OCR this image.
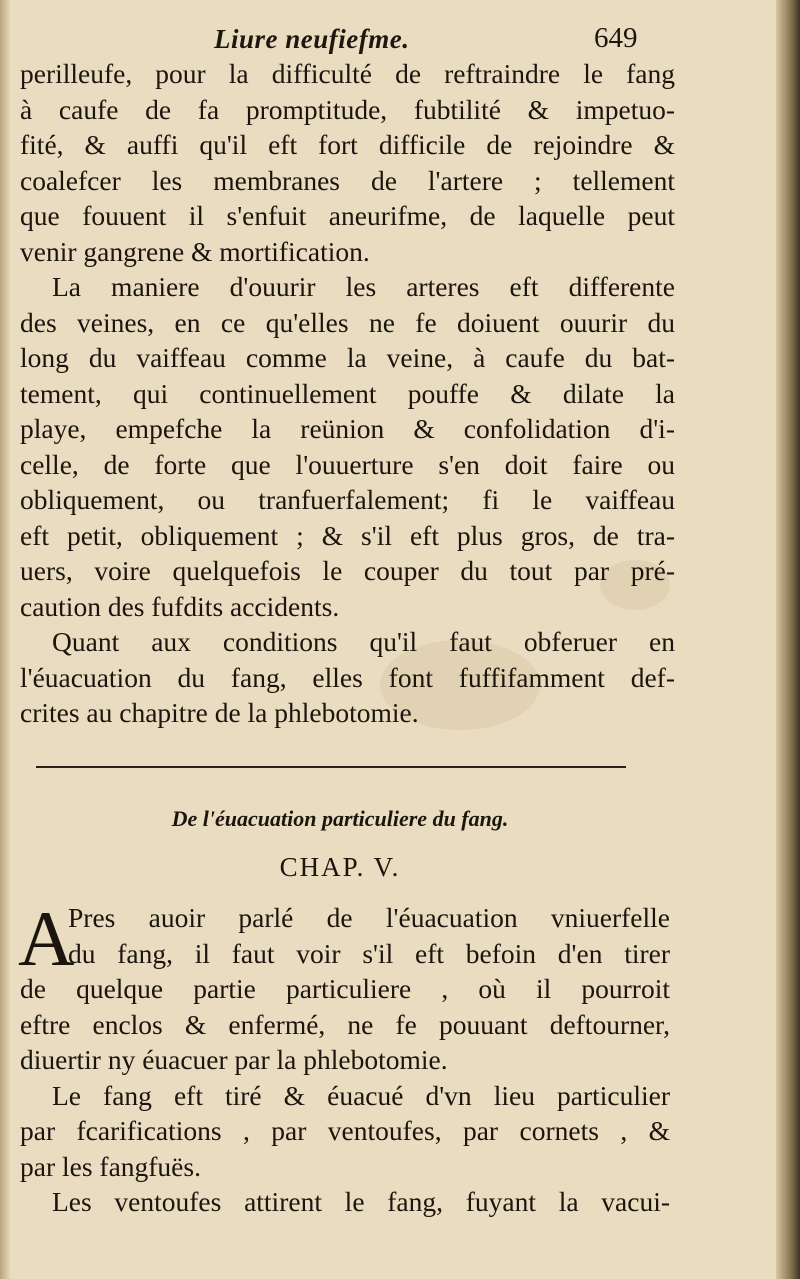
Liure neufiefme.	649
perilleufe, pour la difficulté de reftraindre le fang
à caufe de fa promptitude, fubtilité & impetuo-
fité, & auffi qu'il eft fort difficile de rejoindre &
coalefcer les membranes de l'artere ; tellement
que fouuent il s'enfuit aneurifme, de laquelle peut
venir gangrene & mortification.
La maniere d'ouurir les arteres eft differente
des veines, en ce qu'elles ne fe doiuent ouurir du
long du vaiffeau comme la veine, à caufe du bat-
tement, qui continuellement pouffe & dilate la
playe, empefche la reünion & confolidation d'i-
celle, de forte que l'ouuerture s'en doit faire ou
obliquement, ou tranfuerfalement; fi le vaiffeau
eft petit, obliquement ; & s'il eft plus gros, de tra-
uers, voire quelquefois le couper du tout par pré-
caution des fufdits accidents.
Quant aux conditions qu'il faut obferuer en
l'éuacuation du fang, elles font fuffifamment def-
crites au chapitre de la phlebotomie.
De l'éuacuation particuliere du fang.
CHAP. V.
A
Pres auoir parlé de l'éuacuation vniuerfelle
du fang, il faut voir s'il eft befoin d'en tirer
de quelque partie particuliere , où il pourroit
eftre enclos & enfermé, ne fe pouuant deftourner,
diuertir ny éuacuer par la phlebotomie.
Le fang eft tiré & éuacué d'vn lieu particulier
par fcarifications , par ventoufes, par cornets , &
par les fangfuës.
Les ventoufes attirent le fang, fuyant la vacui-
